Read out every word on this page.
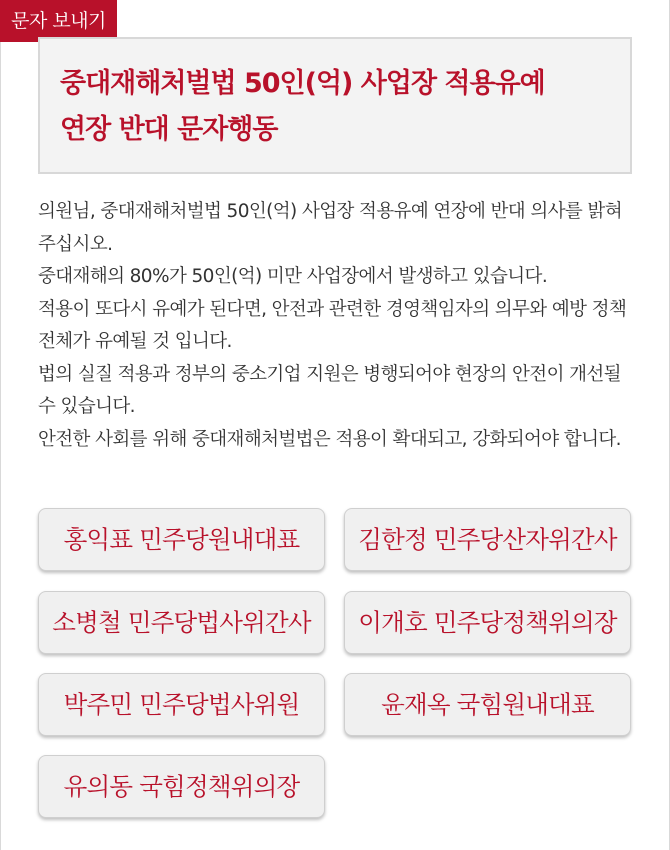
문자 보내기
중대재해처벌법 50인(억) 사업장 적용유예
연장 반대 문자행동

의원님, 중대재해처벌법 50인(억) 사업장 적용유예 연장에 반대 의사를 밝혀주십시오.

중대재해의 80%가 50인(억) 미만 사업장에서 발생하고 있습니다.

적용이 또다시 유예가 된다면, 안전과 관련한 경영책임자의 의무와 예방 정책 전체가 유예될 것 입니다.

법의 실질 적용과 정부의 중소기업 지원은 병행되어야 현장의 안전이 개선될 수 있습니다.

안전한 사회를 위해 중대재해처벌법은 적용이 확대되고, 강화되어야 합니다.

홍익표 민주당원내대표	김한정 민주당산자위간사
소병철 민주당법사위간사	이개호 민주당정책위의장
박주민 민주당법사위원	윤재옥 국힘원내대표
유의동 국힘정책위의장
